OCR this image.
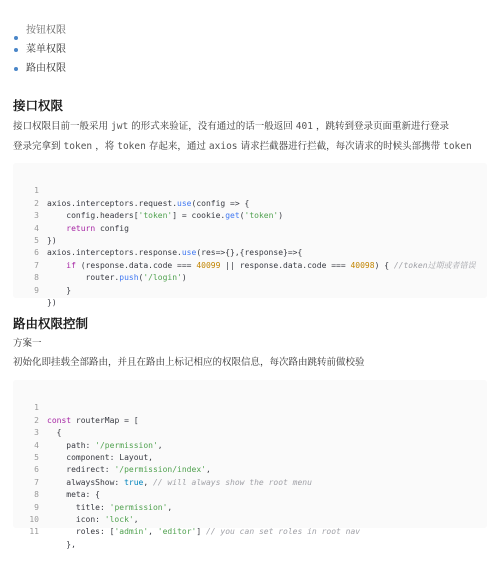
按钮权限
菜单权限
路由权限
接口权限
接口权限目前一般采用 jwt 的形式来验证，没有通过的话一般返回 401 ，跳转到登录页面重新进行登录
登录完拿到 token ，将 token 存起来，通过 axios 请求拦截器进行拦截，每次请求的时候头部携带 token

1

axios.interceptors.request.use(config => {

2

config.headers['token'] = cookie.get('token')

3

return config

4

})

5

axios.interceptors.response.use(res=>{},{response}=>{

6

if (response.data.code === 40099 || response.data.code === 40098) { //token过期或者错误

7

router.push('/login')

8

}

9

})

路由权限控制
方案一
初始化即挂载全部路由，并且在路由上标记相应的权限信息，每次路由跳转前做校验

1

const routerMap = [

2

{

3

path: '/permission',

4

component: Layout,

5

redirect: '/permission/index',

6

alwaysShow: true, // will always show the root menu

7

meta: {

8

title: 'permission',

9

icon: 'lock',

10

roles: ['admin', 'editor'] // you can set roles in root nav

11

},
